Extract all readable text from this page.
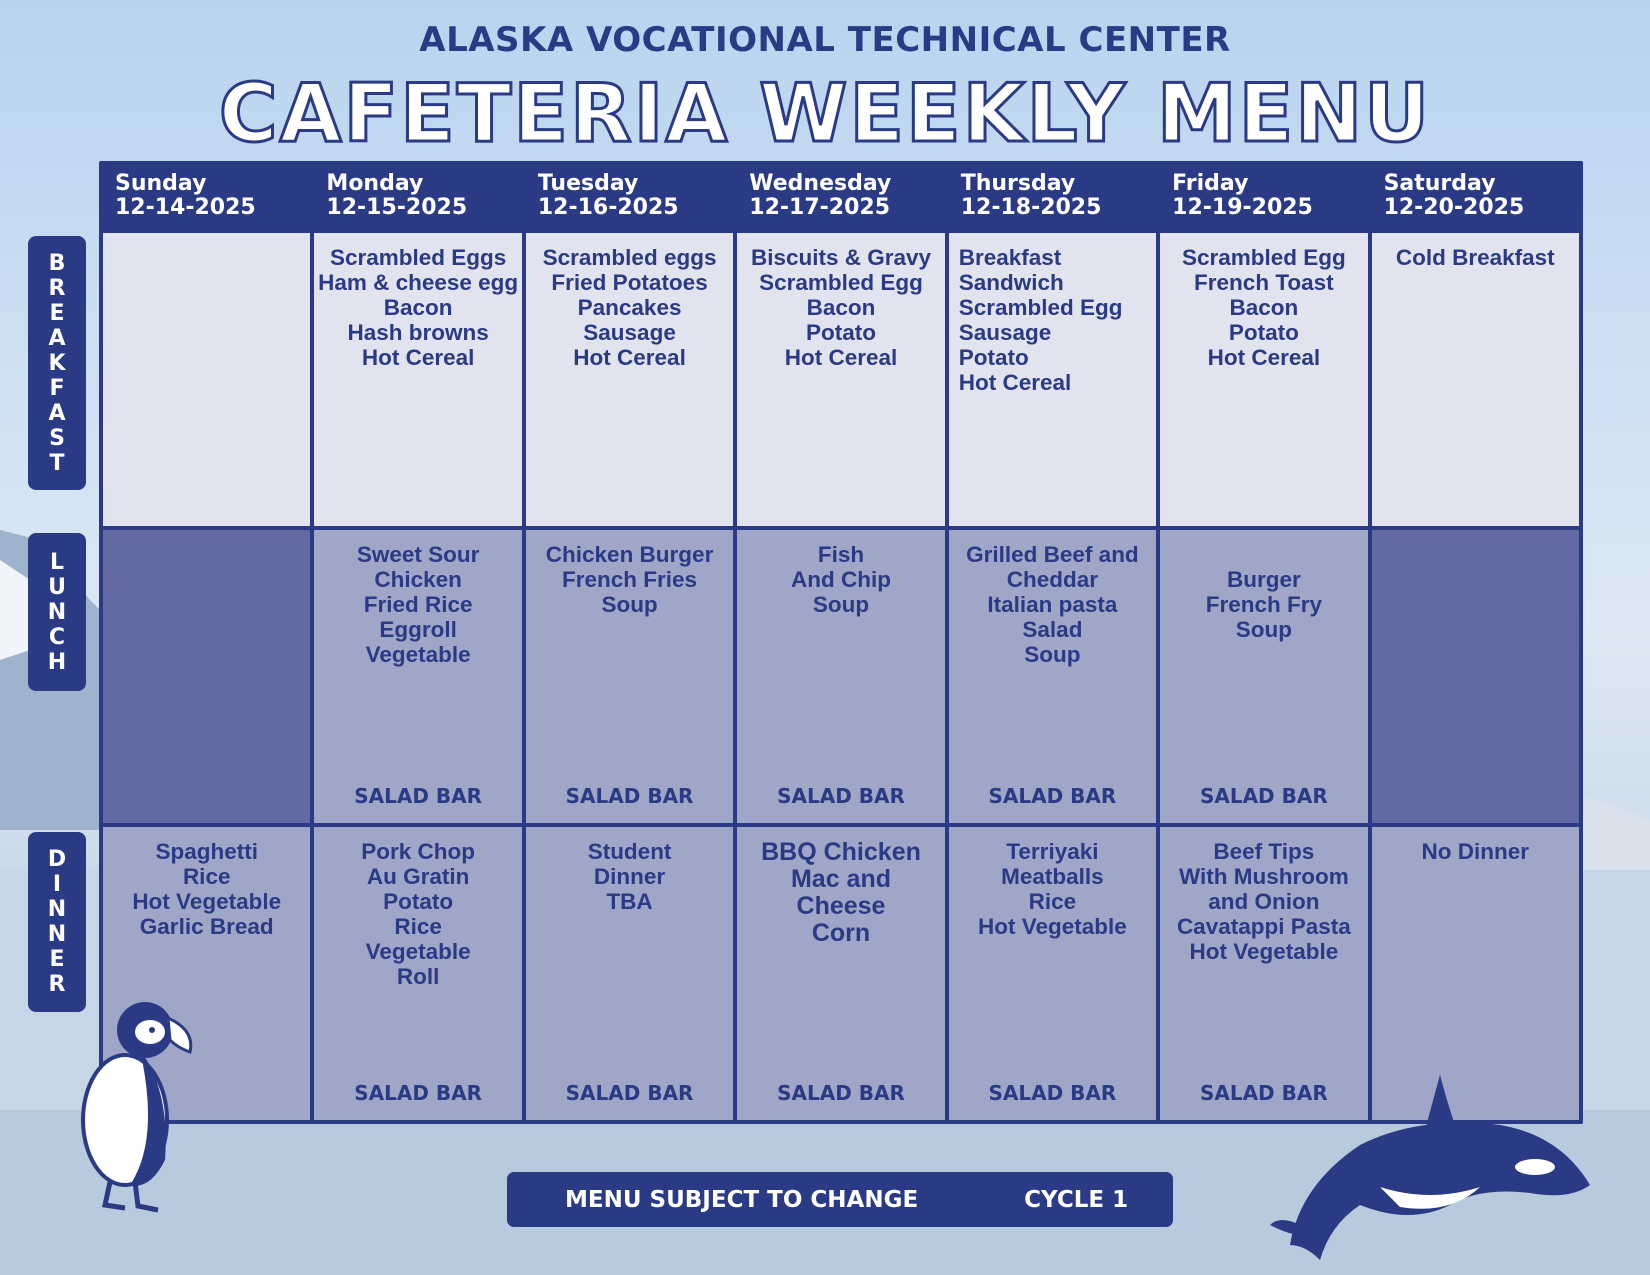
ALASKA VOCATIONAL TECHNICAL CENTER
CAFETERIA WEEKLY MENU
B
R
E
A
K
F
A
S
T
L
U
N
C
H
D
I
N
N
E
R
Sunday
12-14-2025
Monday
12-15-2025
Tuesday
12-16-2025
Wednesday
12-17-2025
Thursday
12-18-2025
Friday
12-19-2025
Saturday
12-20-2025
Scrambled Eggs
Ham & cheese egg
Bacon
Hash browns
Hot Cereal
Scrambled eggs
Fried Potatoes
Pancakes
Sausage
Hot Cereal
Biscuits & Gravy
Scrambled Egg
Bacon
Potato
Hot Cereal
Breakfast
Sandwich
Scrambled Egg
Sausage
Potato
Hot Cereal
Scrambled Egg
French Toast
Bacon
Potato
Hot Cereal
Cold Breakfast
Sweet Sour
Chicken
Fried Rice
Eggroll
Vegetable
SALAD BAR
Chicken Burger
French Fries
Soup
SALAD BAR
Fish
And Chip
Soup
SALAD BAR
Grilled Beef and
Cheddar
Italian pasta
Salad
Soup
SALAD BAR

Burger
French Fry
Soup
SALAD BAR
Spaghetti
Rice
Hot Vegetable
Garlic Bread
Pork Chop
Au Gratin
Potato
Rice
Vegetable
Roll
SALAD BAR
Student
Dinner
TBA
SALAD BAR
BBQ Chicken
Mac and
Cheese
Corn
SALAD BAR
Terriyaki
Meatballs
Rice
Hot Vegetable
SALAD BAR
Beef Tips
With Mushroom
and Onion
Cavatappi Pasta
Hot Vegetable
SALAD BAR
No Dinner
MENU SUBJECT TO CHANGE	CYCLE 1
